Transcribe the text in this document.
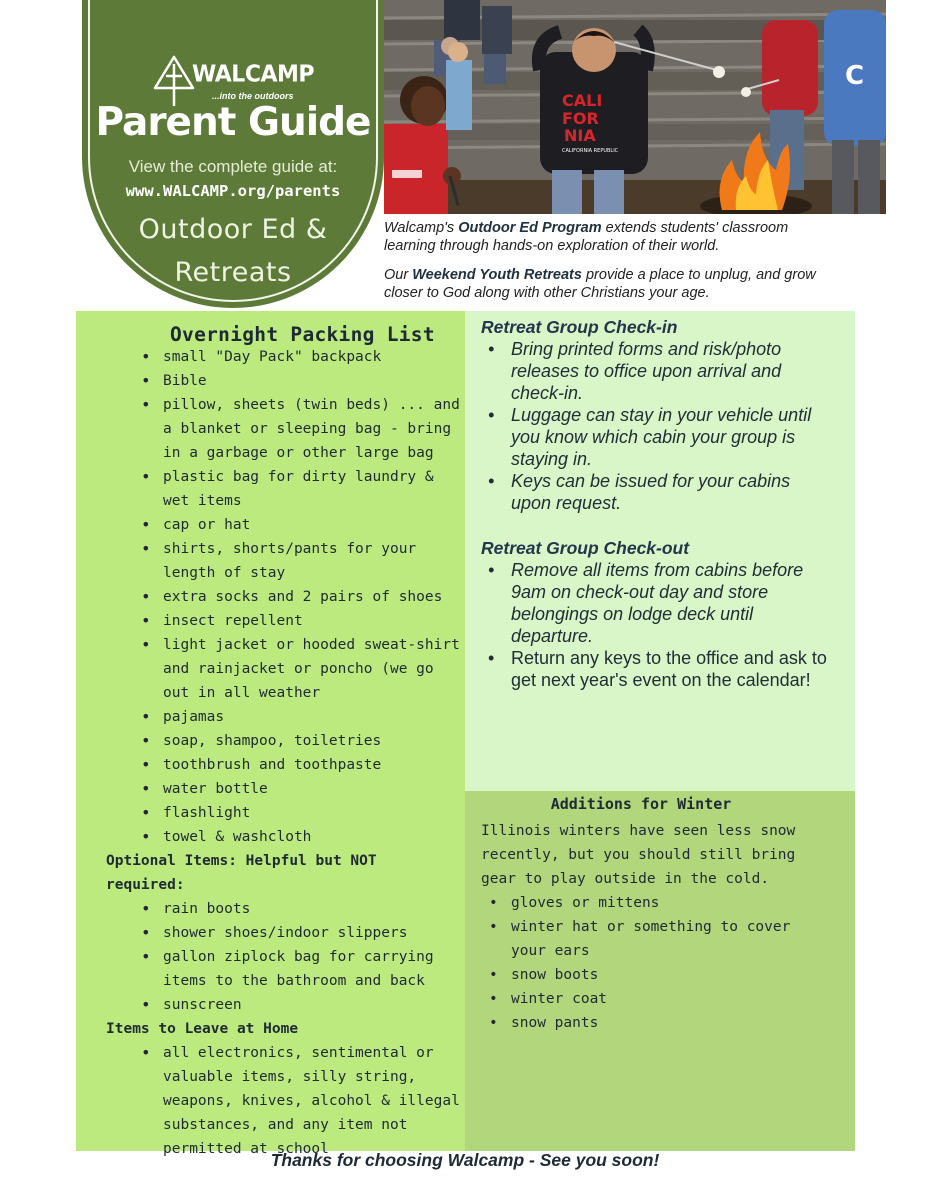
WALCAMP
...into the outdoors
Parent Guide
View the complete guide at:
www.WALCAMP.org/parents
Outdoor Ed &
Retreats
CALI
FOR
NIA
CALIFORNIA REPUBLIC
C

Walcamp's Outdoor Ed Program extends students' classroom learning through hands-on exploration of their world.

Our Weekend Youth Retreats provide a place to unplug, and grow closer to God along with other Christians your age.

Overnight Packing List
• small "Day Pack" backpack
• Bible
• pillow, sheets (twin beds) ... and a blanket or sleeping bag - bring in a garbage or other large bag
• plastic bag for dirty laundry & wet items
• cap or hat
• shirts, shorts/pants for your length of stay
• extra socks and 2 pairs of shoes
• insect repellent
• light jacket or hooded sweat-shirt and rainjacket or poncho (we go out in all weather
• pajamas
• soap, shampoo, toiletries
• toothbrush and toothpaste
• water bottle
• flashlight
• towel & washcloth
Optional Items: Helpful but NOT required:
• rain boots
• shower shoes/indoor slippers
• gallon ziplock bag for carrying items to the bathroom and back
• sunscreen
Items to Leave at Home
• all electronics, sentimental or valuable items, silly string, weapons, knives, alcohol & illegal substances, and any item not permitted at school
Retreat Group Check-in
• Bring printed forms and risk/photo releases to office upon arrival and check-in.
• Luggage can stay in your vehicle until you know which cabin your group is staying in.
• Keys can be issued for your cabins upon request.
Retreat Group Check-out
• Remove all items from cabins before 9am on check-out day and store belongings on lodge deck until departure.
• Return any keys to the office and ask to get next year's event on the calendar!
Additions for Winter
Illinois winters have seen less snow recently, but you should still bring gear to play outside in the cold.
• gloves or mittens
• winter hat or something to cover your ears
• snow boots
• winter coat
• snow pants
Thanks for choosing Walcamp - See you soon!
